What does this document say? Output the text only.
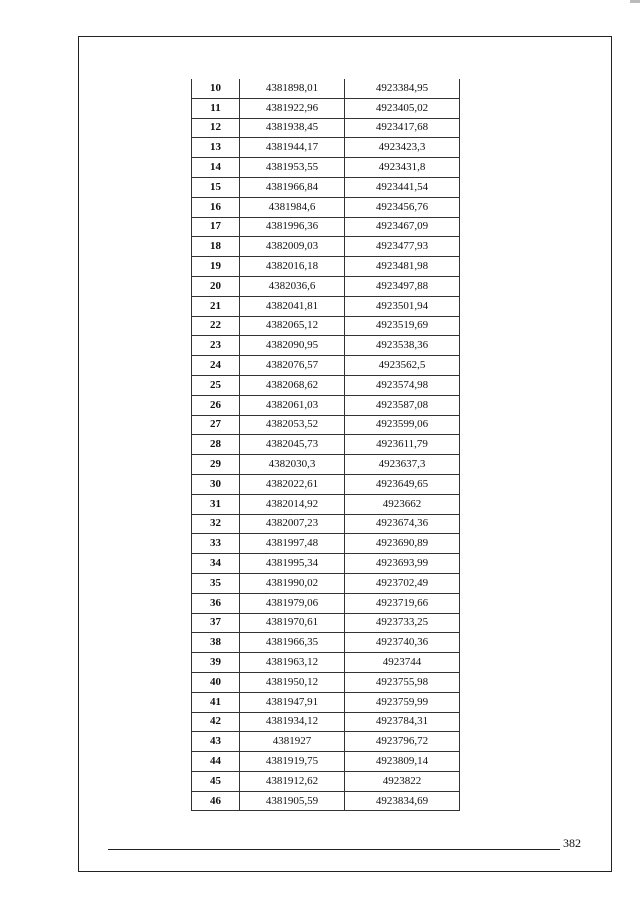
10	4381898,01	4923384,95
11	4381922,96	4923405,02
12	4381938,45	4923417,68
13	4381944,17	4923423,3
14	4381953,55	4923431,8
15	4381966,84	4923441,54
16	4381984,6	4923456,76
17	4381996,36	4923467,09
18	4382009,03	4923477,93
19	4382016,18	4923481,98
20	4382036,6	4923497,88
21	4382041,81	4923501,94
22	4382065,12	4923519,69
23	4382090,95	4923538,36
24	4382076,57	4923562,5
25	4382068,62	4923574,98
26	4382061,03	4923587,08
27	4382053,52	4923599,06
28	4382045,73	4923611,79
29	4382030,3	4923637,3
30	4382022,61	4923649,65
31	4382014,92	4923662
32	4382007,23	4923674,36
33	4381997,48	4923690,89
34	4381995,34	4923693,99
35	4381990,02	4923702,49
36	4381979,06	4923719,66
37	4381970,61	4923733,25
38	4381966,35	4923740,36
39	4381963,12	4923744
40	4381950,12	4923755,98
41	4381947,91	4923759,99
42	4381934,12	4923784,31
43	4381927	4923796,72
44	4381919,75	4923809,14
45	4381912,62	4923822
46	4381905,59	4923834,69
382
